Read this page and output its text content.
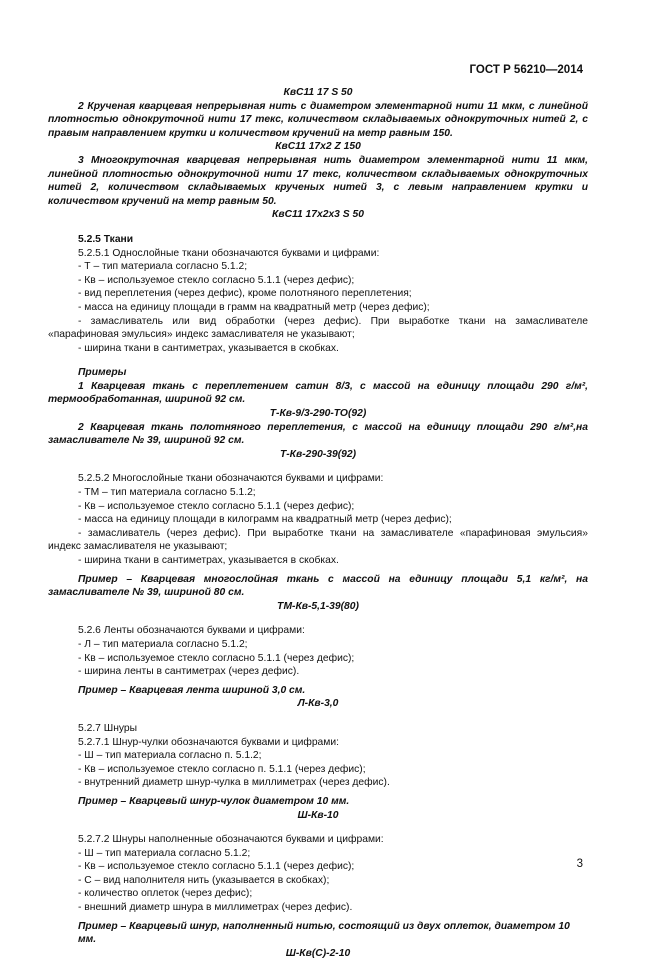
ГОСТ Р 56210—2014
КвС11 17 S 50
2 Крученая кварцевая непрерывная нить с диаметром элементарной нити 11 мкм, с линейной плотностью однокруточной нити 17 текс, количеством складываемых однокруточных нитей 2, с правым направлением крутки и количеством кручений на метр равным 150.
КвС11 17х2 Z 150
3 Многокруточная кварцевая непрерывная нить диаметром элементарной нити 11 мкм, линейной плотностью однокруточной нити 17 текс, количеством складываемых однокруточных нитей 2, количеством складываемых крученых нитей 3, с левым направлением крутки и количеством кручений на метр равным 50.
КвС11 17х2х3 S 50
5.2.5 Ткани
5.2.5.1 Однослойные ткани обозначаются буквами и цифрами:
- Т – тип материала согласно 5.1.2;
- Кв – используемое стекло согласно 5.1.1 (через дефис);
- вид переплетения (через дефис), кроме полотняного переплетения;
- масса на единицу площади в грамм на квадратный метр (через дефис);
- замасливатель или вид обработки (через дефис). При выработке ткани на замасливателе «парафиновая эмульсия» индекс замасливателя не указывают;
- ширина ткани в сантиметрах, указывается в скобках.
Примеры
1 Кварцевая ткань с переплетением сатин 8/3, с массой на единицу площади 290 г/м², термообработанная, шириной 92 см.
Т-Кв-9/3-290-ТО(92)
2 Кварцевая ткань полотняного переплетения, с массой на единицу площади 290 г/м²,на замасливателе № 39, шириной 92 см.
Т-Кв-290-39(92)
5.2.5.2 Многослойные ткани обозначаются буквами и цифрами:
- ТМ – тип материала согласно 5.1.2;
- Кв – используемое стекло согласно 5.1.1 (через дефис);
- масса на единицу площади в килограмм на квадратный метр (через дефис);
- замасливатель (через дефис). При выработке ткани на замасливателе «парафиновая эмульсия» индекс замасливателя не указывают;
- ширина ткани в сантиметрах, указывается в скобках.
Пример – Кварцевая многослойная ткань с массой на единицу площади 5,1 кг/м², на замасливателе № 39, шириной 80 см.
ТМ-Кв-5,1-39(80)
5.2.6 Ленты обозначаются буквами и цифрами:
- Л – тип материала согласно 5.1.2;
- Кв – используемое стекло согласно 5.1.1 (через дефис);
- ширина ленты в сантиметрах (через дефис).
Пример – Кварцевая лента шириной 3,0 см.
Л-Кв-3,0
5.2.7 Шнуры
5.2.7.1 Шнур-чулки обозначаются буквами и цифрами:
- Ш – тип материала согласно п. 5.1.2;
- Кв – используемое стекло согласно п. 5.1.1 (через дефис);
- внутренний диаметр шнур-чулка в миллиметрах (через дефис).
Пример – Кварцевый шнур-чулок диаметром 10 мм.
Ш-Кв-10
5.2.7.2 Шнуры наполненные обозначаются буквами и цифрами:
- Ш – тип материала согласно 5.1.2;
- Кв – используемое стекло согласно 5.1.1 (через дефис);
- С – вид наполнителя нить (указывается в скобках);
- количество оплеток (через дефис);
- внешний диаметр шнура в миллиметрах (через дефис).
Пример – Кварцевый шнур, наполненный нитью, состоящий из двух оплеток, диаметром 10 мм.
Ш-Кв(С)-2-10
3
